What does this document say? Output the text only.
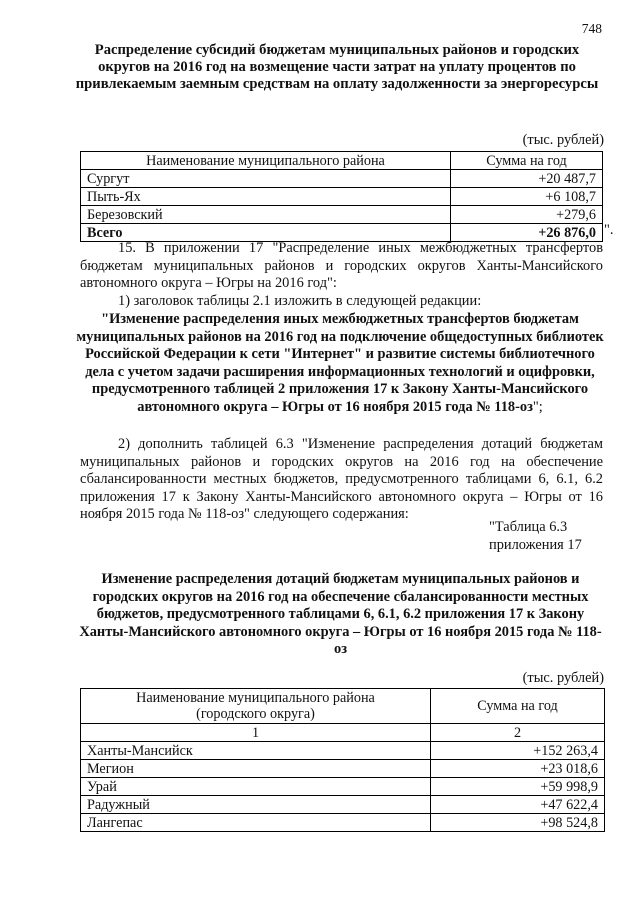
748
Распределение субсидий бюджетам муниципальных районов и городских округов на 2016 год на возмещение части затрат на уплату процентов по привлекаемым заемным средствам на оплату задолженности за энергоресурсы
(тыс. рублей)
Наименование муниципального района	Сумма на год
Сургут	+20 487,7
Пыть-Ях	+6 108,7
Березовский	+279,6
Всего	+26 876,0 ".
15. В приложении 17 "Распределение иных межбюджетных трансфертов бюджетам муниципальных районов и городских округов Ханты-Мансийского автономного округа – Югры на 2016 год":
1) заголовок таблицы 2.1 изложить в следующей редакции:
"Изменение распределения иных межбюджетных трансфертов бюджетам муниципальных районов на 2016 год на подключение общедоступных библиотек Российской Федерации к сети "Интернет" и развитие системы библиотечного дела с учетом задачи расширения информационных технологий и оцифровки, предусмотренного таблицей 2 приложения 17 к Закону Ханты-Мансийского автономного округа – Югры от 16 ноября 2015 года № 118-оз";
2) дополнить таблицей 6.3 "Изменение распределения дотаций бюджетам муниципальных районов и городских округов на 2016 год на обеспечение сбалансированности местных бюджетов, предусмотренного таблицами 6, 6.1, 6.2 приложения 17 к Закону Ханты-Мансийского автономного округа – Югры от 16 ноября 2015 года № 118-оз" следующего содержания:
"Таблица 6.3
приложения 17
Изменение распределения дотаций бюджетам муниципальных районов и городских округов на 2016 год на обеспечение сбалансированности местных бюджетов, предусмотренного таблицами 6, 6.1, 6.2 приложения 17 к Закону Ханты-Мансийского автономного округа – Югры от 16 ноября 2015 года № 118-оз
(тыс. рублей)
Наименование муниципального района
(городского округа)	Сумма на год
1	2
Ханты-Мансийск	+152 263,4
Мегион	+23 018,6
Урай	+59 998,9
Радужный	+47 622,4
Лангепас	+98 524,8
